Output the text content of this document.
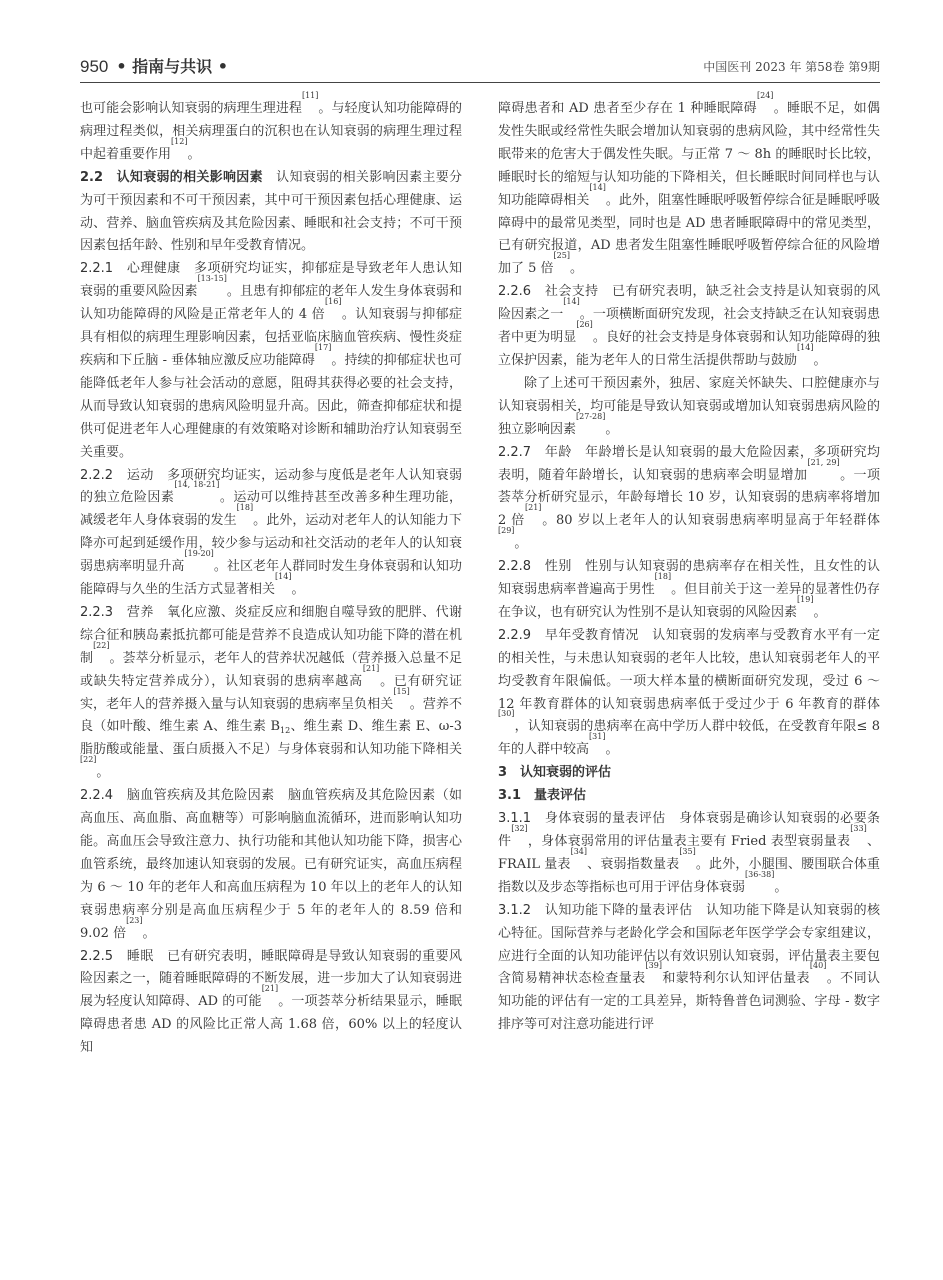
950 • 指南与共识 •	中国医刊 2023 年 第58卷 第9期

也可能会影响认知衰弱的病理生理进程[11]。与轻度认知功能障碍的病理过程类似，相关病理蛋白的沉积也在认知衰弱的病理生理过程中起着重要作用[12]。

2.2　认知衰弱的相关影响因素　认知衰弱的相关影响因素主要分为可干预因素和不可干预因素，其中可干预因素包括心理健康、运动、营养、脑血管疾病及其危险因素、睡眠和社会支持；不可干预因素包括年龄、性别和早年受教育情况。

2.2.1　心理健康　多项研究均证实，抑郁症是导致老年人患认知衰弱的重要风险因素[13-15]。且患有抑郁症的老年人发生身体衰弱和认知功能障碍的风险是正常老年人的 4 倍[16]。认知衰弱与抑郁症具有相似的病理生理影响因素，包括亚临床脑血管疾病、慢性炎症疾病和下丘脑 - 垂体轴应激反应功能障碍[17]。持续的抑郁症状也可能降低老年人参与社会活动的意愿，阻碍其获得必要的社会支持，从而导致认知衰弱的患病风险明显升高。因此，筛查抑郁症状和提供可促进老年人心理健康的有效策略对诊断和辅助治疗认知衰弱至关重要。

2.2.2　运动　多项研究均证实，运动参与度低是老年人认知衰弱的独立危险因素[14, 18-21]。运动可以维持甚至改善多种生理功能，减缓老年人身体衰弱的发生[18]。此外，运动对老年人的认知能力下降亦可起到延缓作用，较少参与运动和社交活动的老年人的认知衰弱患病率明显升高[19-20]。社区老年人群同时发生身体衰弱和认知功能障碍与久坐的生活方式显著相关[14]。

2.2.3　营养　氧化应激、炎症反应和细胞自噬导致的肥胖、代谢综合征和胰岛素抵抗都可能是营养不良造成认知功能下降的潜在机制[22]。荟萃分析显示，老年人的营养状况越低（营养摄入总量不足或缺失特定营养成分），认知衰弱的患病率越高[21]。已有研究证实，老年人的营养摄入量与认知衰弱的患病率呈负相关[15]。营养不良（如叶酸、维生素 A、维生素 $B_{12}$、维生素 D、维生素 E、ω-3 脂肪酸或能量、蛋白质摄入不足）与身体衰弱和认知功能下降相关[22]。

2.2.4　脑血管疾病及其危险因素　脑血管疾病及其危险因素（如高血压、高血脂、高血糖等）可影响脑血流循环，进而影响认知功能。高血压会导致注意力、执行功能和其他认知功能下降，损害心血管系统，最终加速认知衰弱的发展。已有研究证实，高血压病程为 6 ～ 10 年的老年人和高血压病程为 10 年以上的老年人的认知衰弱患病率分别是高血压病程少于 5 年的老年人的 8.59 倍和 9.02 倍[23]。

2.2.5　睡眠　已有研究表明，睡眠障碍是导致认知衰弱的重要风险因素之一，随着睡眠障碍的不断发展，进一步加大了认知衰弱进展为轻度认知障碍、AD 的可能[21]。一项荟萃分析结果显示，睡眠障碍患者患 AD 的风险比正常人高 1.68 倍，60% 以上的轻度认知

障碍患者和 AD 患者至少存在 1 种睡眠障碍[24]。睡眠不足，如偶发性失眠或经常性失眠会增加认知衰弱的患病风险，其中经常性失眠带来的危害大于偶发性失眠。与正常 7 ～ 8h 的睡眠时长比较，睡眠时长的缩短与认知功能的下降相关，但长睡眠时间同样也与认知功能障碍相关[14]。此外，阻塞性睡眠呼吸暂停综合征是睡眠呼吸障碍中的最常见类型，同时也是 AD 患者睡眠障碍中的常见类型，已有研究报道，AD 患者发生阻塞性睡眠呼吸暂停综合征的风险增加了 5 倍[25]。

2.2.6　社会支持　已有研究表明，缺乏社会支持是认知衰弱的风险因素之一[14]。一项横断面研究发现，社会支持缺乏在认知衰弱患者中更为明显[26]。良好的社会支持是身体衰弱和认知功能障碍的独立保护因素，能为老年人的日常生活提供帮助与鼓励[14]。

除了上述可干预因素外，独居、家庭关怀缺失、口腔健康亦与认知衰弱相关，均可能是导致认知衰弱或增加认知衰弱患病风险的独立影响因素[27-28]。

2.2.7　年龄　年龄增长是认知衰弱的最大危险因素，多项研究均表明，随着年龄增长，认知衰弱的患病率会明显增加[21, 29]。一项荟萃分析研究显示，年龄每增长 10 岁，认知衰弱的患病率将增加 2 倍[21]。80 岁以上老年人的认知衰弱患病率明显高于年轻群体[29]。

2.2.8　性别　性别与认知衰弱的患病率存在相关性，且女性的认知衰弱患病率普遍高于男性[18]。但目前关于这一差异的显著性仍存在争议，也有研究认为性别不是认知衰弱的风险因素[19]。

2.2.9　早年受教育情况　认知衰弱的发病率与受教育水平有一定的相关性，与未患认知衰弱的老年人比较，患认知衰弱老年人的平均受教育年限偏低。一项大样本量的横断面研究发现，受过 6 ～ 12 年教育群体的认知衰弱患病率低于受过少于 6 年教育的群体[30]，认知衰弱的患病率在高中学历人群中较低，在受教育年限≤ 8 年的人群中较高[31]。

3　认知衰弱的评估

3.1　量表评估

3.1.1　身体衰弱的量表评估　身体衰弱是确诊认知衰弱的必要条件[32]，身体衰弱常用的评估量表主要有 Fried 表型衰弱量表[33]、FRAIL 量表[34]、衰弱指数量表[35]。此外，小腿围、腰围联合体重指数以及步态等指标也可用于评估身体衰弱[36-38]。

3.1.2　认知功能下降的量表评估　认知功能下降是认知衰弱的核心特征。国际营养与老龄化学会和国际老年医学学会专家组建议，应进行全面的认知功能评估以有效识别认知衰弱，评估量表主要包含简易精神状态检查量表[39]和蒙特利尔认知评估量表[40]。不同认知功能的评估有一定的工具差异，斯特鲁普色词测验、字母 - 数字排序等可对注意功能进行评
